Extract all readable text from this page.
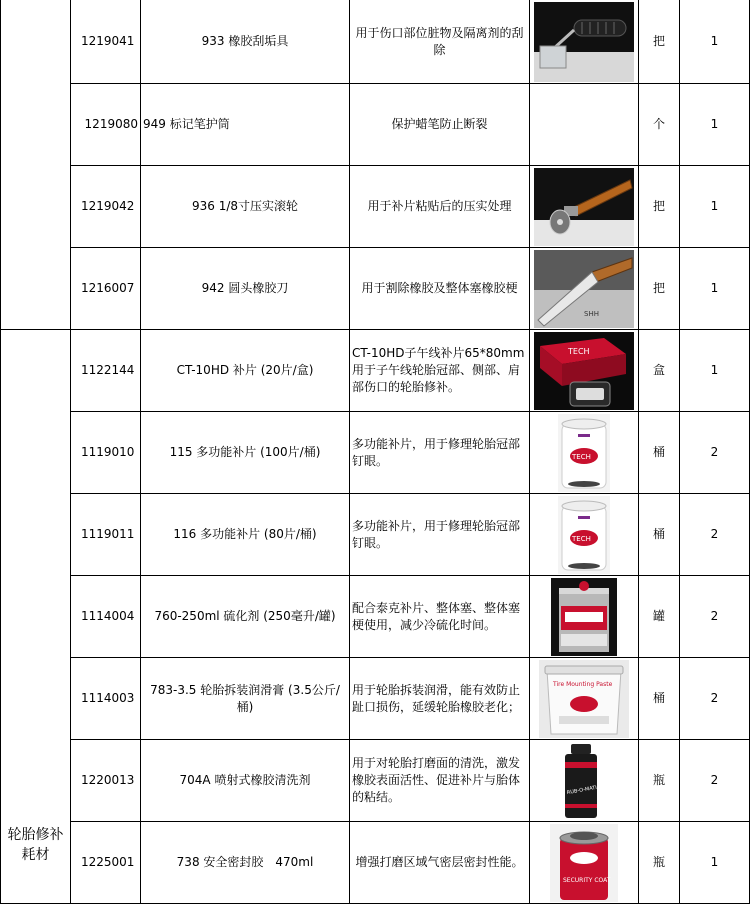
	1219041	933 橡胶刮垢具	用于伤口部位脏物及隔离剂的刮除		把	1
	1219080	949 标记笔护筒	保护蜡笔防止断裂		个	1
	1219042	936 1/8寸压实滚轮	用于补片粘贴后的压实处理		把	1
	1216007	942 圆头橡胶刀	用于割除橡胶及整体塞橡胶梗	SHH	把	1
轮胎修补耗材	1122144	CT-10HD 补片 (20片/盒)	CT-10HD子午线补片65*80mm用于子午线轮胎冠部、侧部、肩部伤口的轮胎修补。	TECH	盒	1
	1119010	115 多功能补片 (100片/桶)	多功能补片，用于修理轮胎冠部钉眼。	TECH	桶	2
	1119011	116 多功能补片 (80片/桶)	多功能补片，用于修理轮胎冠部钉眼。	TECH	桶	2
	1114004	760-250ml 硫化剂 (250毫升/罐)	配合泰克补片、整体塞、整体塞梗使用，减少冷硫化时间。		罐	2
	1114003	783-3.5 轮胎拆装润滑膏 (3.5公斤/桶)	用于轮胎拆装润滑，能有效防止趾口损伤，延缓轮胎橡胶老化；	Tire Mounting Paste	桶	2
	1220013	704A 喷射式橡胶清洗剂	用于对轮胎打磨面的清洗，激发橡胶表面活性、促进补片与胎体的粘结。	RUB-O-MATIC	瓶	2
	1225001	738 安全密封胶　470ml	增强打磨区域气密层密封性能。	SECURITY COAT	瓶	1
